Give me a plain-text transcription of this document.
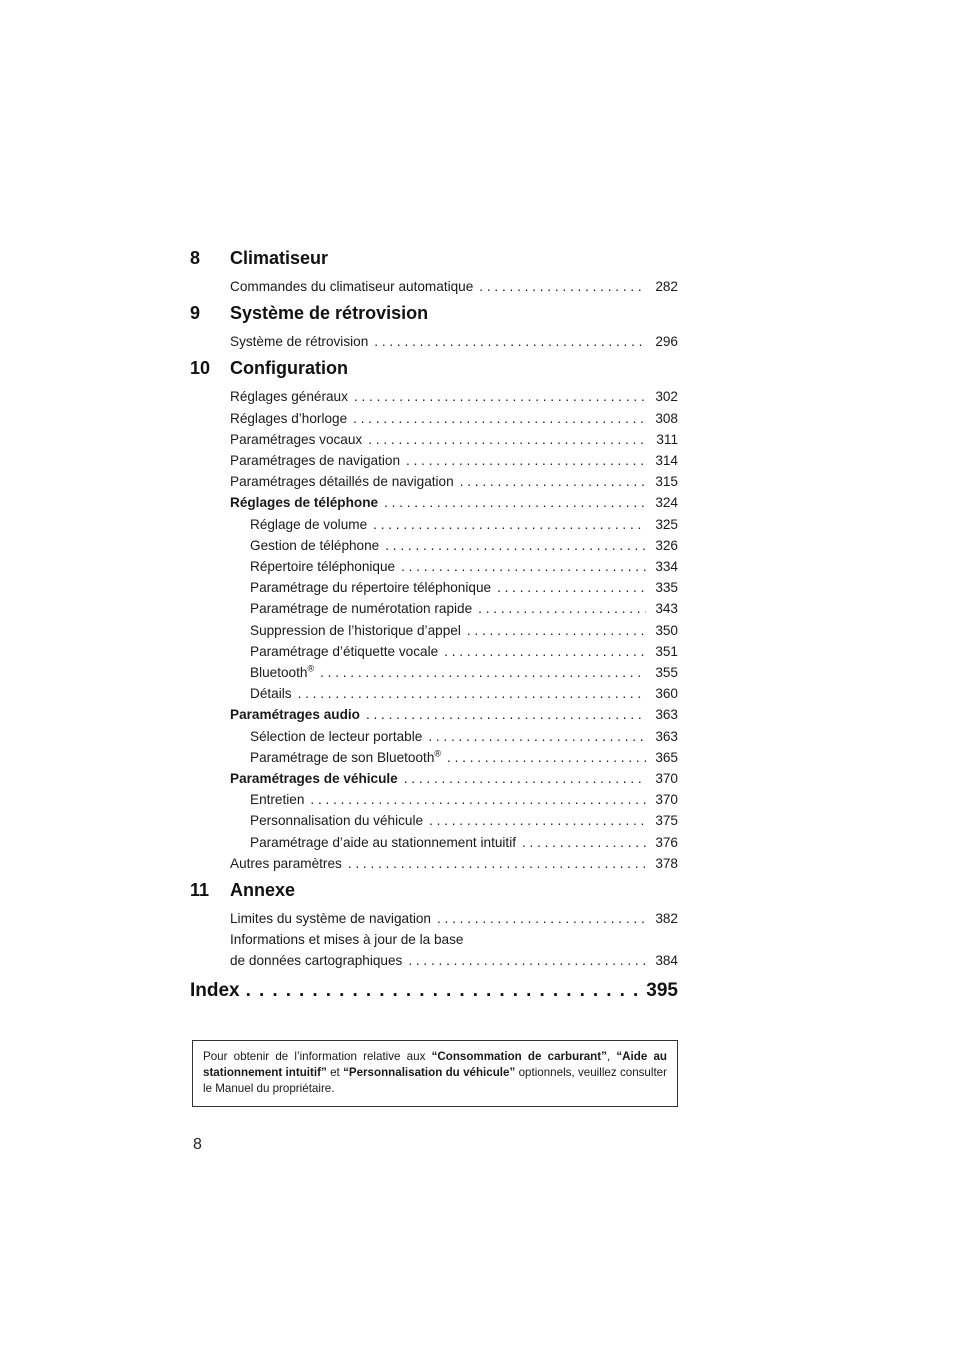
8	Climatiseur
Commandes du climatiseur automatique . . .	282
9	Système de rétrovision
Système de rétrovision . . .	296
10	Configuration
Réglages généraux . . .	302
Réglages d’horloge . . .	308
Paramétrages vocaux . . .	311
Paramétrages de navigation . . .	314
Paramétrages détaillés de navigation . . .	315
Réglages de téléphone . . .	324
Réglage de volume . . .	325
Gestion de téléphone . . .	326
Répertoire téléphonique . . .	334
Paramétrage du répertoire téléphonique . . .	335
Paramétrage de numérotation rapide . . .	343
Suppression de l’historique d’appel . . .	350
Paramétrage d’étiquette vocale . . .	351
Bluetooth® . . .	355
Détails . . .	360
Paramétrages audio . . .	363
Sélection de lecteur portable . . .	363
Paramétrage de son Bluetooth® . . .	365
Paramétrages de véhicule . . .	370
Entretien . . .	370
Personnalisation du véhicule . . .	375
Paramétrage d’aide au stationnement intuitif . . .	376
Autres paramètres . . .	378
11	Annexe
Limites du système de navigation . . .	382
Informations et mises à jour de la base
de données cartographiques . . .	384
Index . . .	395
Pour obtenir de l’information relative aux “Consommation de carburant”, “Aide au stationnement intuitif” et “Personnalisation du véhicule” optionnels, veuillez consulter le Manuel du propriétaire.
8
